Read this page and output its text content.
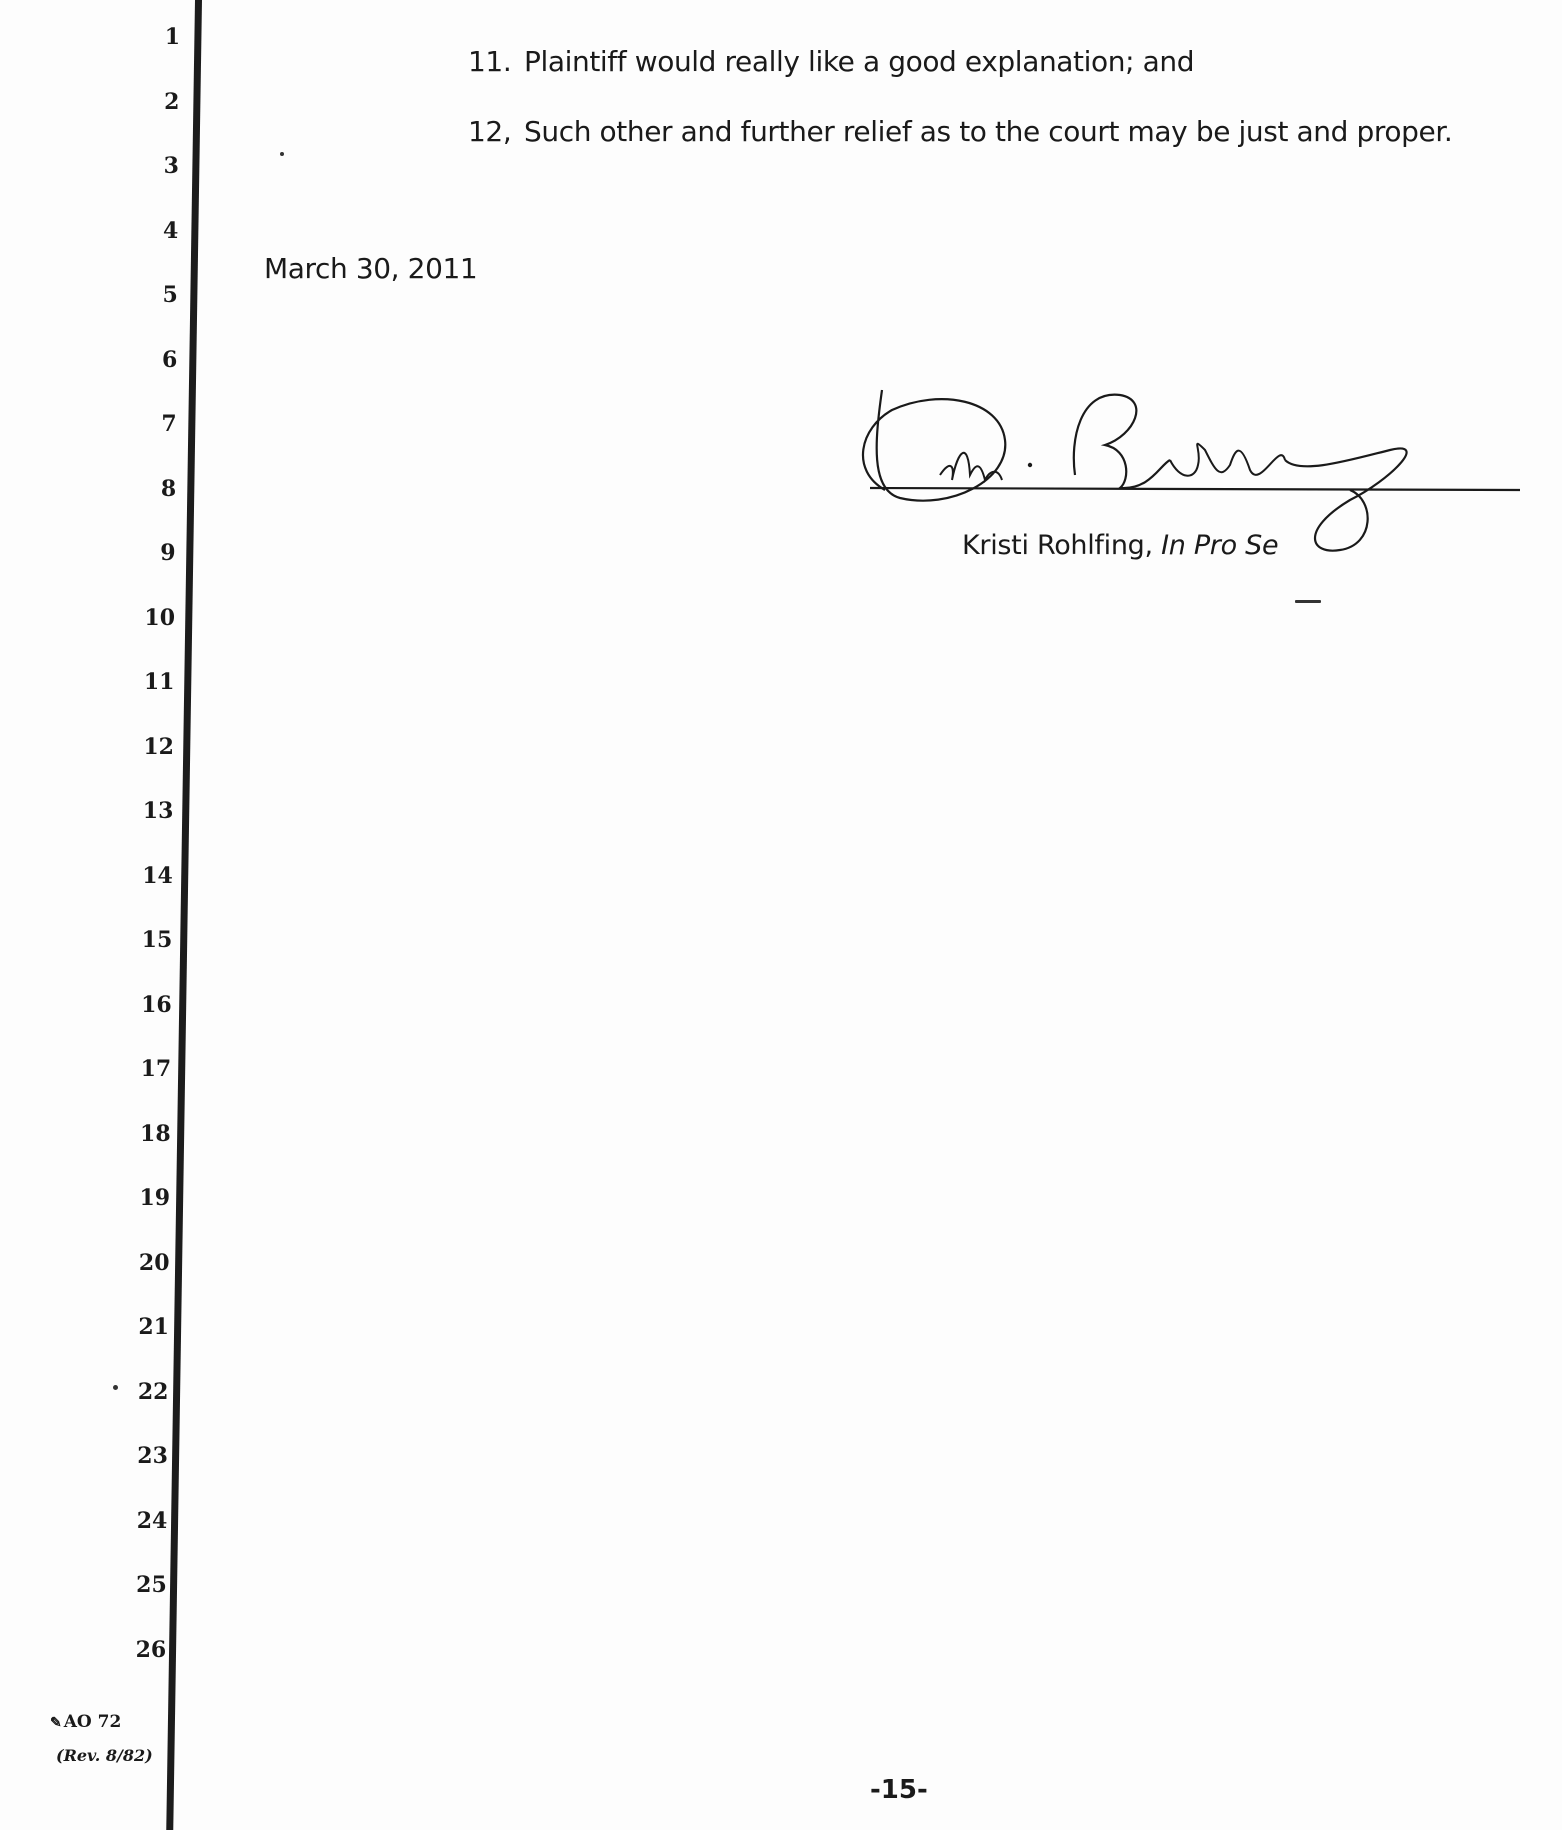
1
2
3
4
5
6
7
8
9
10
11
12
13
14
15
16
17
18
19
20
21
22
23
24
25
26
✎ AO 72
(Rev. 8/82)
11. Plaintiff would really like a good explanation; and
12, Such other and further relief as to the court may be just and proper.
March 30, 2011
Kristi Rohlfing, In Pro Se
-15-
